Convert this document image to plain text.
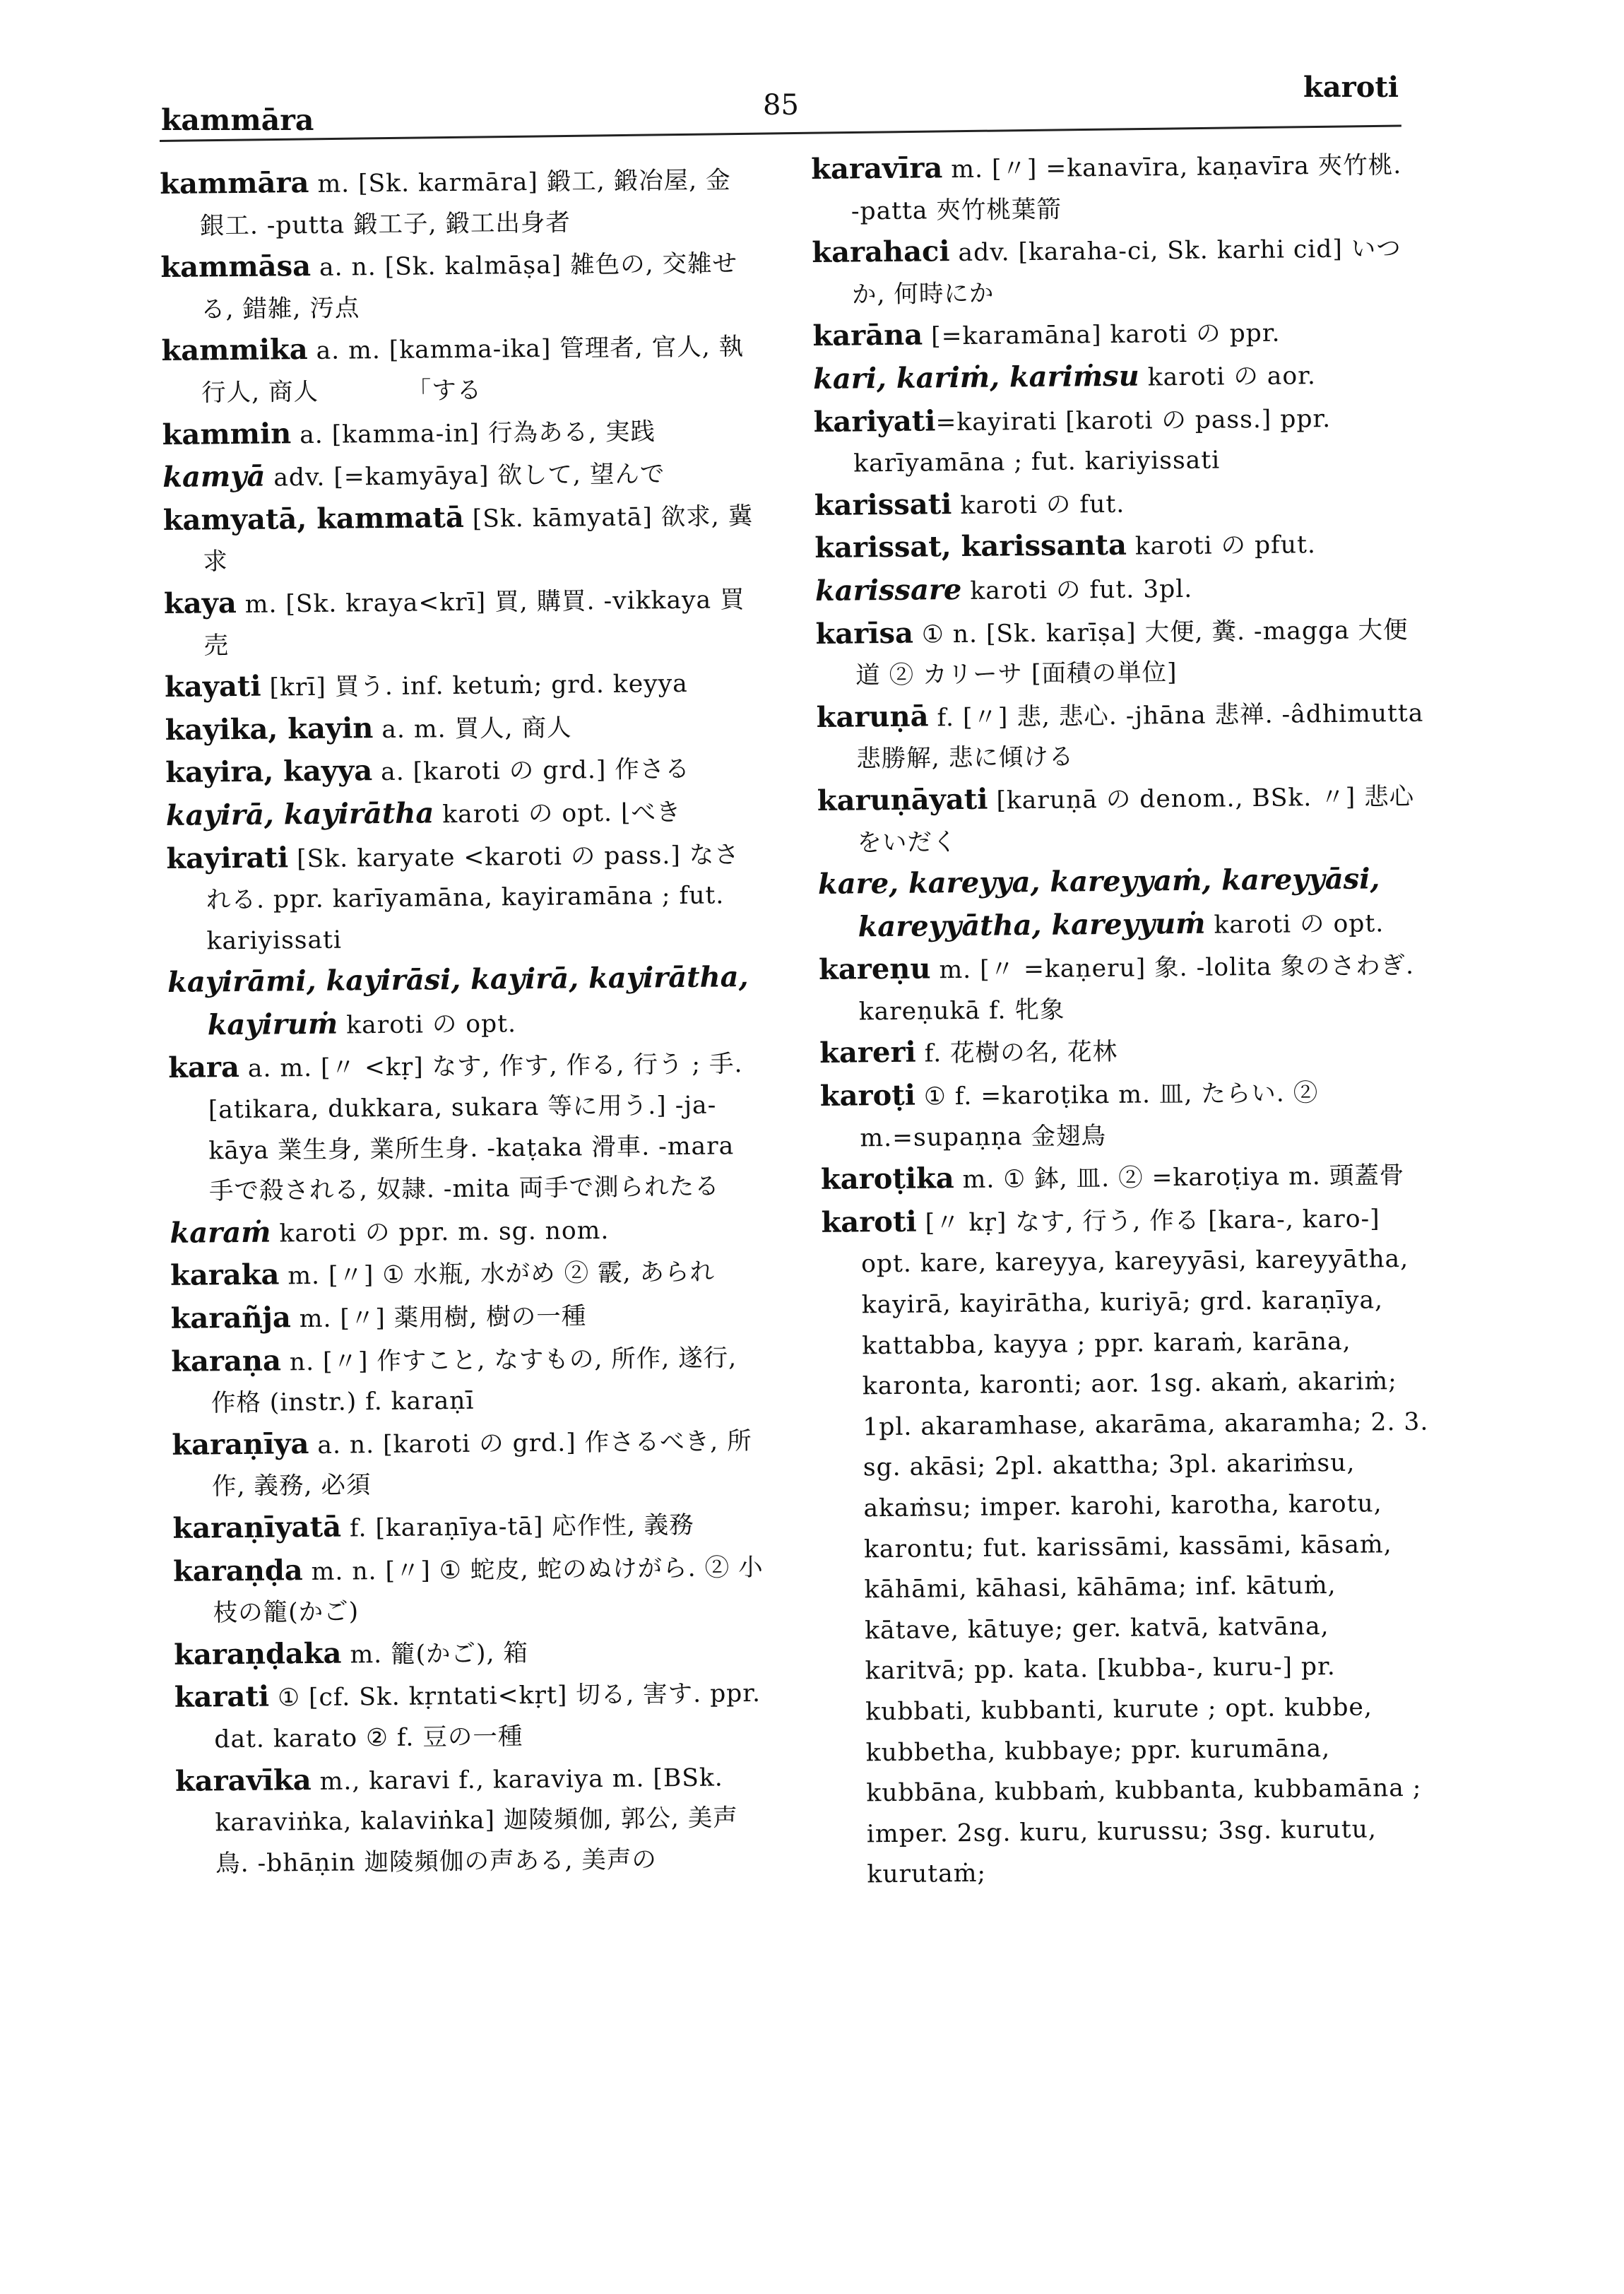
kammāra	85
karoti
kammāra m. [Sk. karmāra] 鍛工, 鍛冶屋, 金銀工. -putta 鍛工子, 鍛工出身者
kammāsa a. n. [Sk. kalmāṣa] 雑色の, 交雑せる, 錯雑, 汚点
kammika a. m. [kamma-ika] 管理者, 官人, 執行人, 商人　　　　「する
kammin a. [kamma-in] 行為ある, 実践
kamyā adv. [=kamyāya] 欲して, 望んで
kamyatā, kammatā [Sk. kāmyatā] 欲求, 冀求
kaya m. [Sk. kraya<krī] 買, 購買. -vikkaya 買売
kayati [krī] 買う. inf. ketuṁ; grd. keyya
kayika, kayin a. m. 買人, 商人
kayira, kayya a. [karoti の grd.] 作さる
kayirā, kayirātha karoti の opt. ⌊べき
kayirati [Sk. karyate <karoti の pass.] なされる. ppr. karīyamāna, kayiramāna ; fut. kariyissati
kayirāmi, kayirāsi, kayirā, kayirātha, kayiruṁ karoti の opt.
kara a. m. [〃 <kṛ] なす, 作す, 作る, 行う ; 手. [atikara, dukkara, sukara 等に用う.] -ja-kāya 業生身, 業所生身. -kaṭaka 滑車. -mara 手で殺される, 奴隷. -mita 両手で測られたる
karaṁ karoti の ppr. m. sg. nom.
karaka m. [〃] ① 水瓶, 水がめ ② 霰, あられ
karañja m. [〃] 薬用樹, 樹の一種
karaṇa n. [〃] 作すこと, なすもの, 所作, 遂行, 作格 (instr.) f. karaṇī
karaṇīya a. n. [karoti の grd.] 作さるべき, 所作, 義務, 必須
karaṇīyatā f. [karaṇīya-tā] 応作性, 義務
karaṇḍa m. n. [〃] ① 蛇皮, 蛇のぬけがら. ② 小枝の籠(かご)
karaṇḍaka m. 籠(かご), 箱
karati ① [cf. Sk. kṛntati<kṛt] 切る, 害す. ppr. dat. karato ② f. 豆の一種
karavīka m., karavi f., karaviya m. [BSk. karaviṅka, kalaviṅka] 迦陵頻伽, 郭公, 美声鳥. -bhāṇin 迦陵頻伽の声ある, 美声の
karavīra m. [〃] =kanavīra, kaṇavīra 夾竹桃. -patta 夾竹桃葉箭
karahaci adv. [karaha-ci, Sk. karhi cid] いつか, 何時にか
karāna [=karamāna] karoti の ppr.
kari, kariṁ, kariṁsu karoti の aor.
kariyati=kayirati [karoti の pass.] ppr. karīyamāna ; fut. kariyissati
karissati karoti の fut.
karissat, karissanta karoti の pfut.
karissare karoti の fut. 3pl.
karīsa ① n. [Sk. karīṣa] 大便, 糞. -magga 大便道 ② カリーサ [面積の単位]
karuṇā f. [〃] 悲, 悲心. -jhāna 悲禅. -âdhimutta 悲勝解, 悲に傾ける
karuṇāyati [karuṇā の denom., BSk. 〃] 悲心をいだく
kare, kareyya, kareyyaṁ, kareyyāsi, kareyyātha, kareyyuṁ karoti の opt.
kareṇu m. [〃 =kaṇeru] 象. -lolita 象のさわぎ. kareṇukā f. 牝象
kareri f. 花樹の名, 花林
karoṭi ① f. =karoṭika m. 皿, たらい. ② m.=supaṇṇa 金翅鳥
karoṭika m. ① 鉢, 皿. ② =karoṭiya m. 頭蓋骨
karoti [〃 kṛ] なす, 行う, 作る [kara-, karo-] opt. kare, kareyya, kareyyāsi, kareyyātha, kayirā, kayirātha, kuriyā; grd. karaṇīya, kattabba, kayya ; ppr. karaṁ, karāna, karonta, karonti; aor. 1sg. akaṁ, akariṁ; 1pl. akaramhase, akarāma, akaramha; 2. 3. sg. akāsi; 2pl. akattha; 3pl. akariṁsu, akaṁsu; imper. karohi, karotha, karotu, karontu; fut. karissāmi, kassāmi, kāsaṁ, kāhāmi, kāhasi, kāhāma; inf. kātuṁ, kātave, kātuye; ger. katvā, katvāna, karitvā; pp. kata. [kubba-, kuru-] pr. kubbati, kubbanti, kurute ; opt. kubbe, kubbetha, kubbaye; ppr. kurumāna, kubbāna, kubbaṁ, kubbanta, kubbamāna ; imper. 2sg. kuru, kurussu; 3sg. kurutu, kurutaṁ;
